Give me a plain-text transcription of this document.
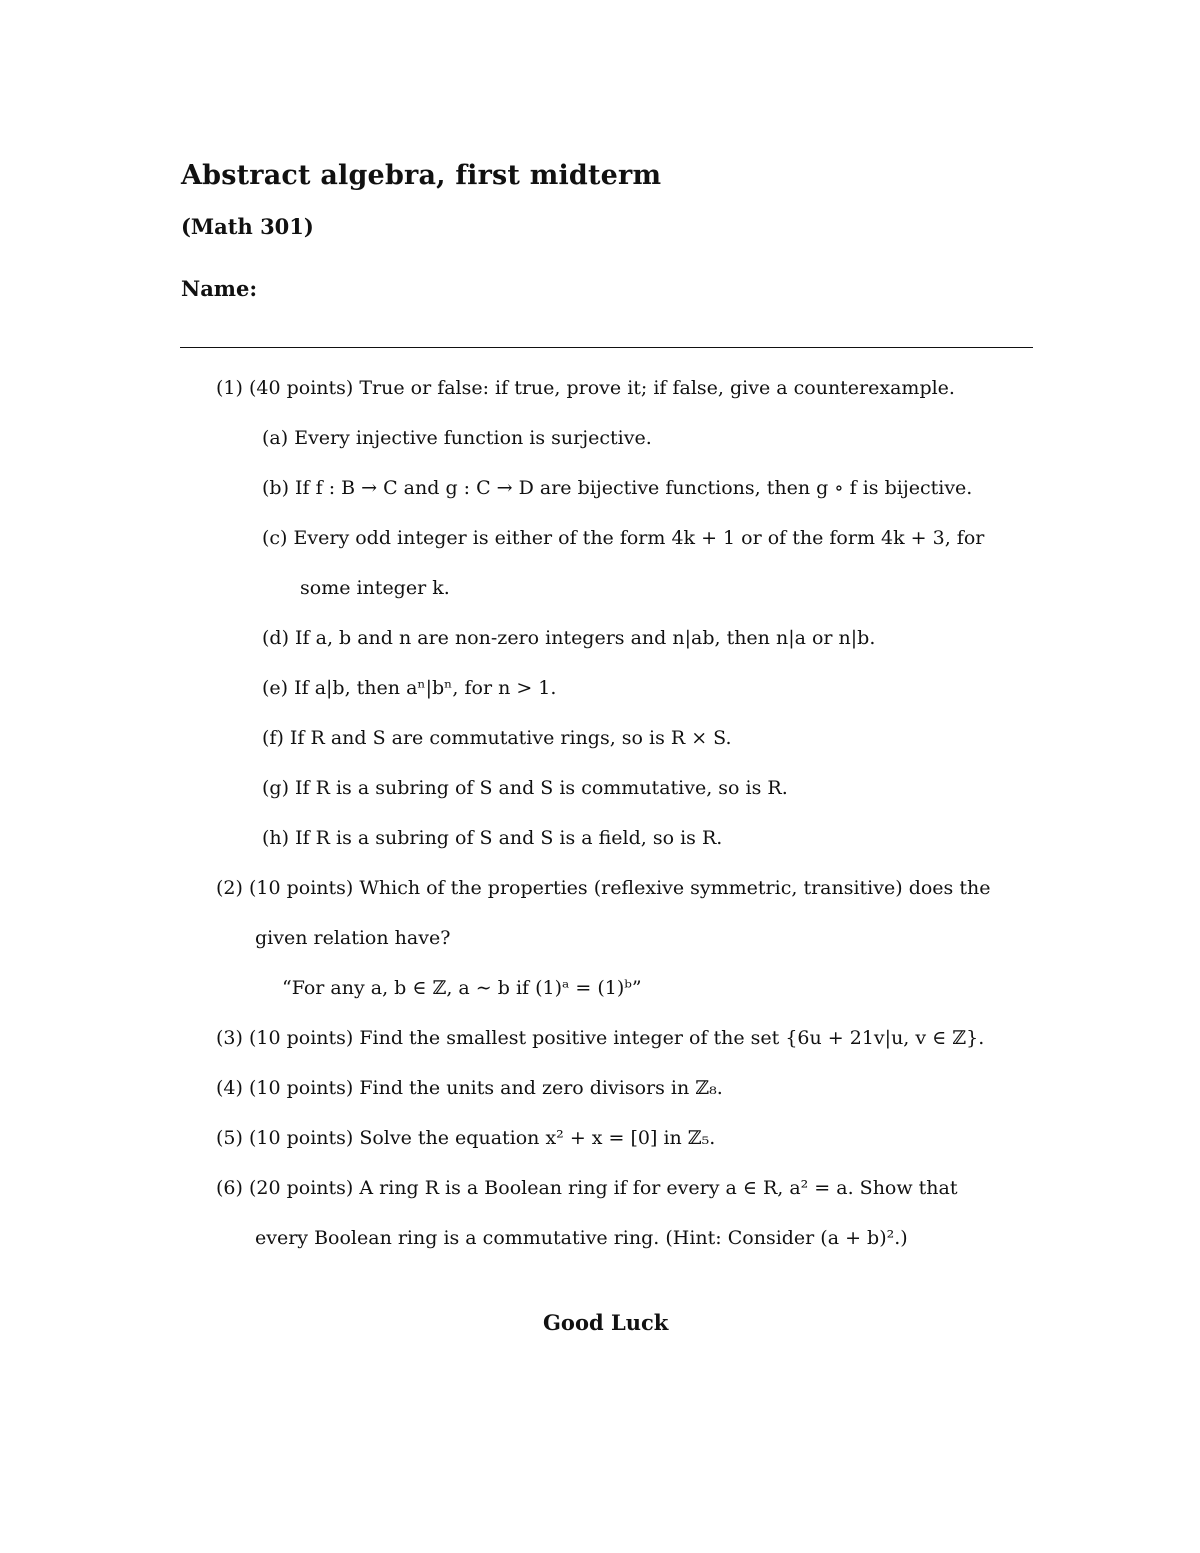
Abstract algebra, first midterm
(Math 301)
Name:
(1) (40 points) True or false: if true, prove it; if false, give a counterexample.
(a) Every injective function is surjective.
(b) If f : B → C and g : C → D are bijective functions, then g ∘ f is bijective.
(c) Every odd integer is either of the form 4k + 1 or of the form 4k + 3, for
some integer k.
(d) If a, b and n are non-zero integers and n|ab, then n|a or n|b.
(e) If a|b, then aⁿ|bⁿ, for n > 1.
(f) If R and S are commutative rings, so is R × S.
(g) If R is a subring of S and S is commutative, so is R.
(h) If R is a subring of S and S is a field, so is R.
(2) (10 points) Which of the properties (reflexive symmetric, transitive) does the
given relation have?
“For any a, b ∈ ℤ, a ∼ b if (1)ᵃ = (1)ᵇ”
(3) (10 points) Find the smallest positive integer of the set {6u + 21v|u, v ∈ ℤ}.
(4) (10 points) Find the units and zero divisors in ℤ₈.
(5) (10 points) Solve the equation x² + x = [0] in ℤ₅.
(6) (20 points) A ring R is a Boolean ring if for every a ∈ R, a² = a. Show that
every Boolean ring is a commutative ring. (Hint: Consider (a + b)².)
Good Luck
